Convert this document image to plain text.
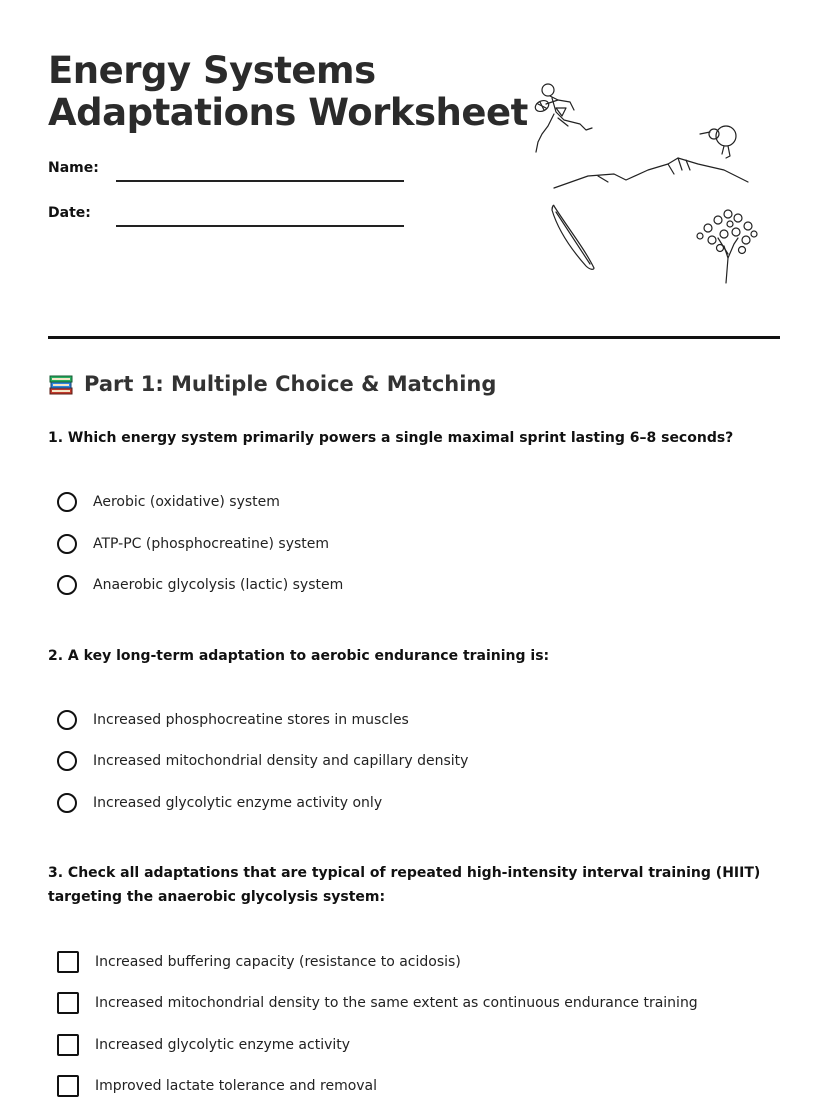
Energy Systems
Adaptations Worksheet
Name:
Date:
Part 1: Multiple Choice & Matching
1. Which energy system primarily powers a single maximal sprint lasting 6–8 seconds?
Aerobic (oxidative) system
ATP-PC (phosphocreatine) system
Anaerobic glycolysis (lactic) system
2. A key long-term adaptation to aerobic endurance training is:
Increased phosphocreatine stores in muscles
Increased mitochondrial density and capillary density
Increased glycolytic enzyme activity only
3. Check all adaptations that are typical of repeated high-intensity interval training (HIIT) targeting the anaerobic glycolysis system:
Increased buffering capacity (resistance to acidosis)
Increased mitochondrial density to the same extent as continuous endurance training
Increased glycolytic enzyme activity
Improved lactate tolerance and removal
